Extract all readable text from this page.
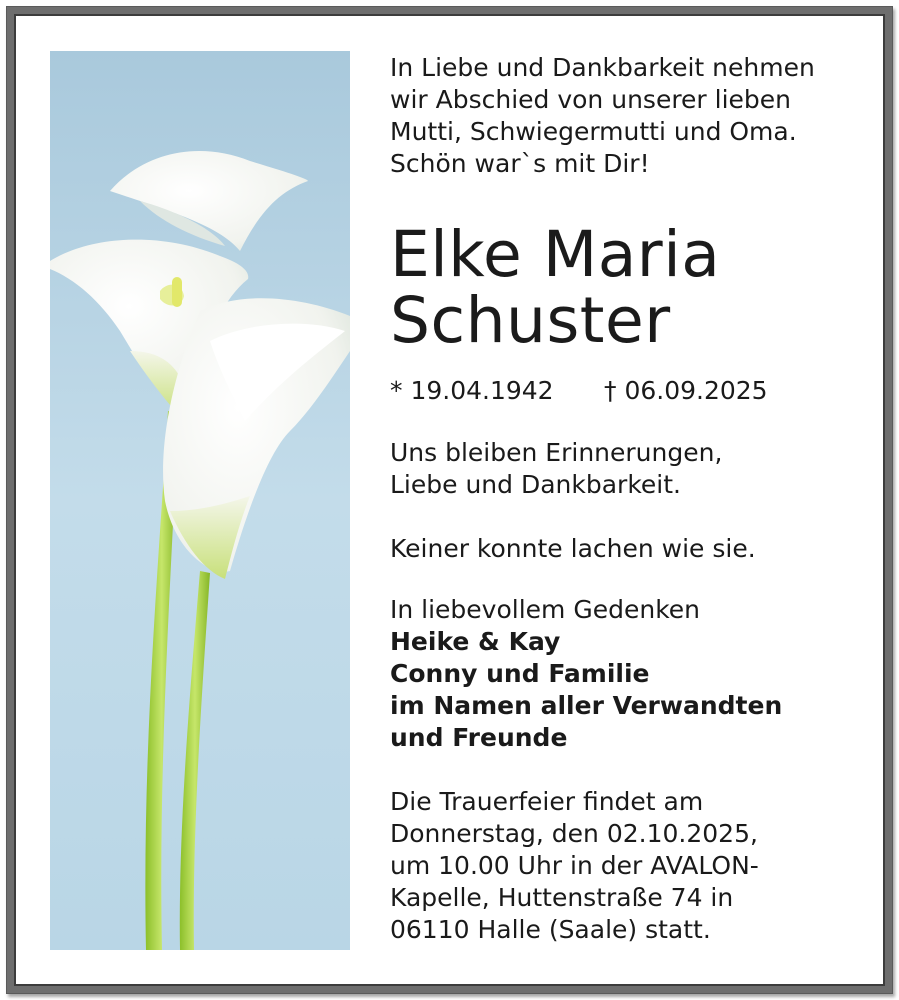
In Liebe und Dankbarkeit nehmen

wir Abschied von unserer lieben

Mutti, Schwiegermutti und Oma.

Schön war`s mit Dir!

Elke Maria

Schuster

* 19.04.1942 † 06.09.2025

Uns bleiben Erinnerungen,

Liebe und Dankbarkeit.

Keiner konnte lachen wie sie.

In liebevollem Gedenken

Heike & Kay

Conny und Familie

im Namen aller Verwandten

und Freunde

Die Trauerfeier findet am

Donnerstag, den 02.10.2025,

um 10.00 Uhr in der AVALON-

Kapelle, Huttenstraße 74 in

06110 Halle (Saale) statt.
